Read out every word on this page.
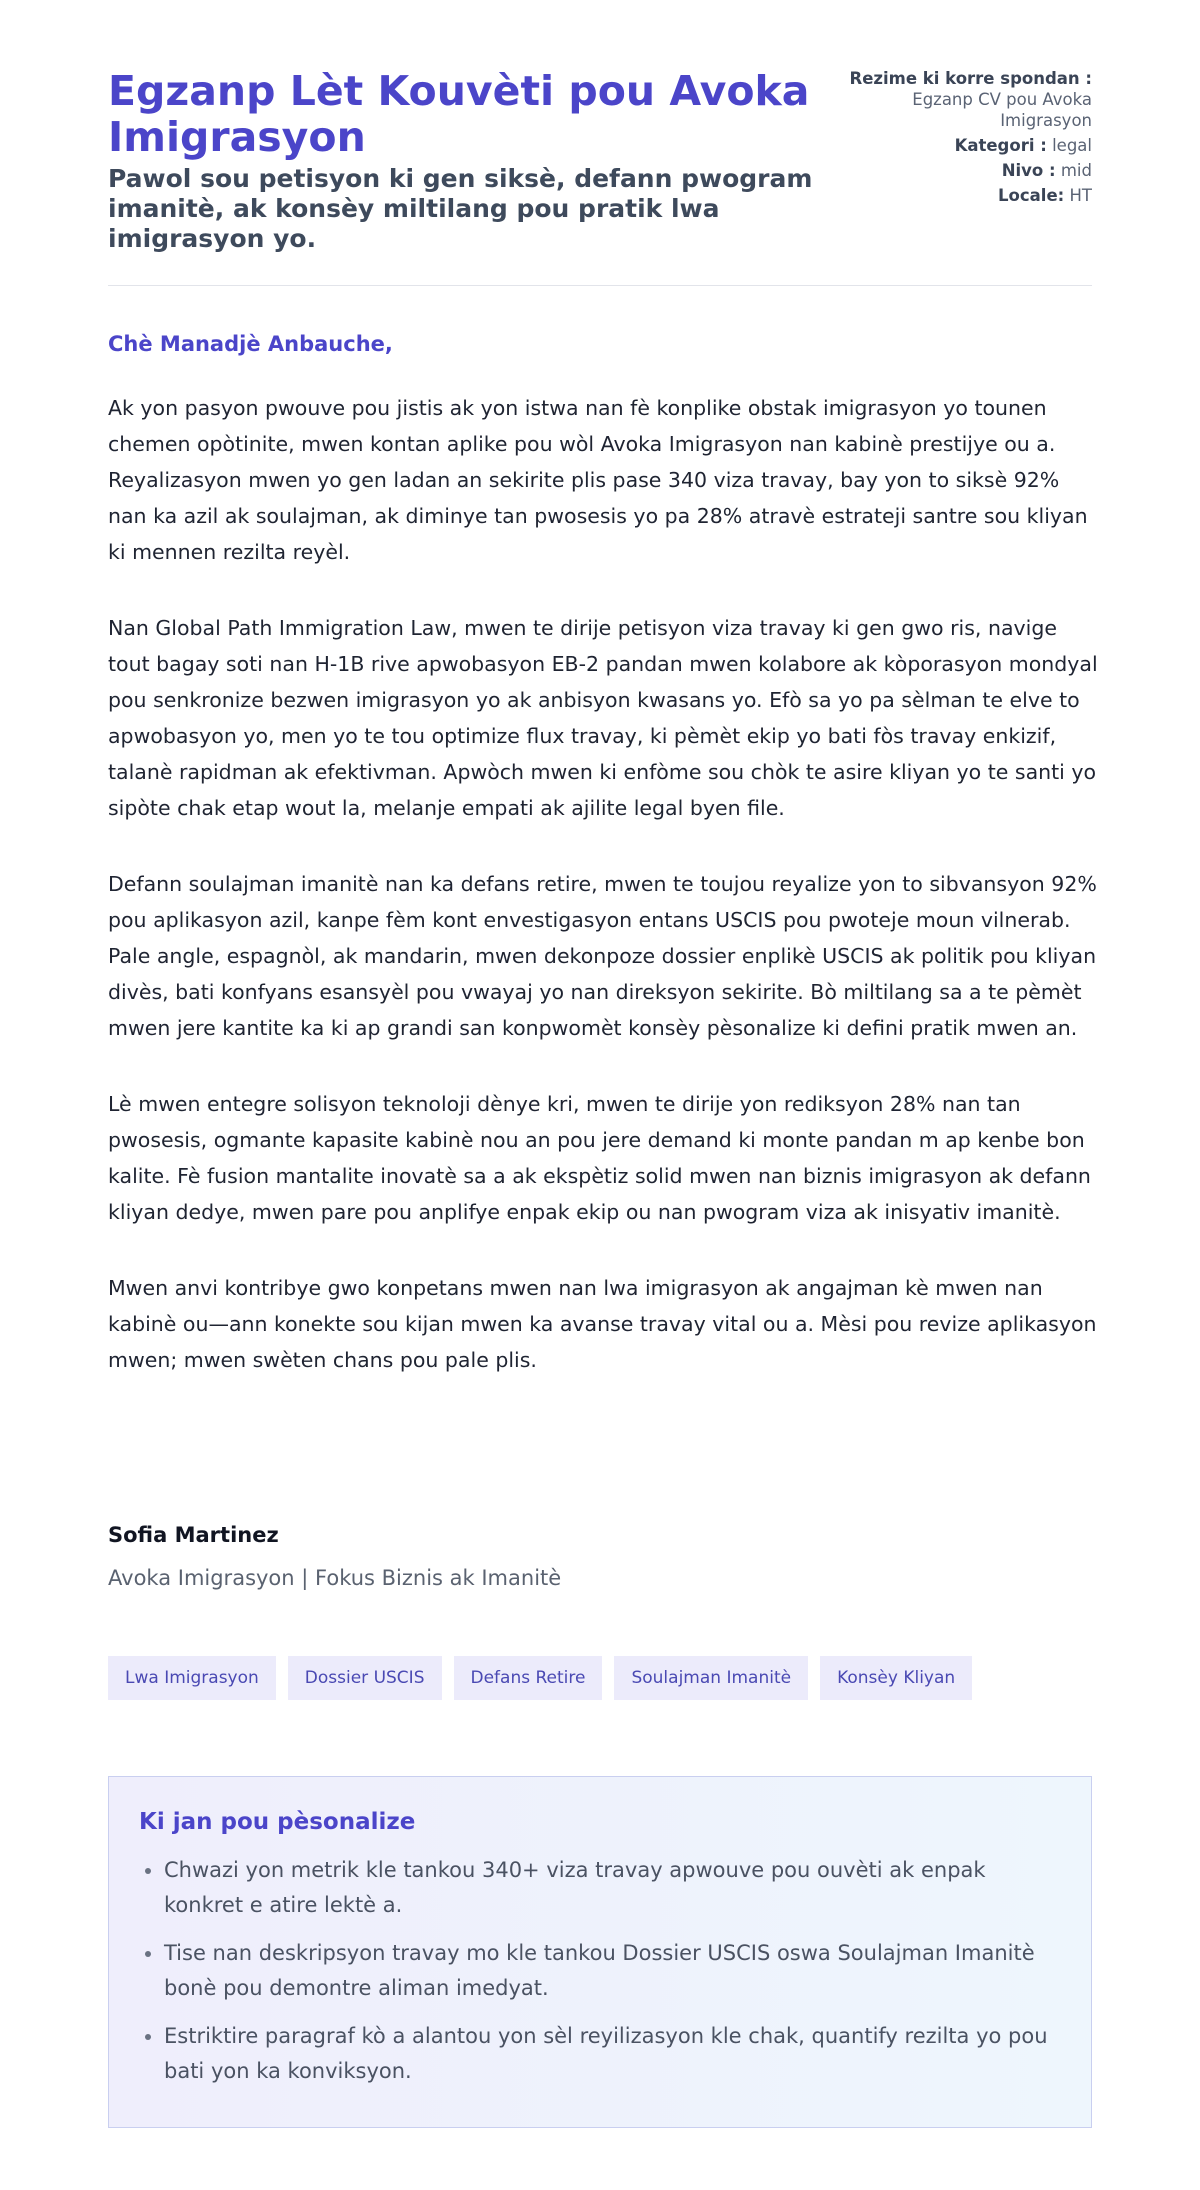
Egzanp Lèt Kouvèti pou Avoka Imigrasyon
Pawol sou petisyon ki gen siksè, defann pwogram imanitè, ak konsèy miltilang pou pratik lwa imigrasyon yo.
Rezime ki korre spondan : Egzanp CV pou Avoka Imigrasyon
Kategori : legal
Nivo : mid
Locale: HT
Chè Manadjè Anbauche,

Ak yon pasyon pwouve pou jistis ak yon istwa nan fè konplike obstak imigrasyon yo tounen chemen opòtinite, mwen kontan aplike pou wòl Avoka Imigrasyon nan kabinè prestijye ou a. Reyalizasyon mwen yo gen ladan an sekirite plis pase 340 viza travay, bay yon to siksè 92% nan ka azil ak soulajman, ak diminye tan pwosesis yo pa 28% atravè estrateji santre sou kliyan ki mennen rezilta reyèl.

Nan Global Path Immigration Law, mwen te dirije petisyon viza travay ki gen gwo ris, navige tout bagay soti nan H-1B rive apwobasyon EB-2 pandan mwen kolabore ak kòporasyon mondyal pou senkronize bezwen imigrasyon yo ak anbisyon kwasans yo. Efò sa yo pa sèlman te elve to apwobasyon yo, men yo te tou optimize flux travay, ki pèmèt ekip yo bati fòs travay enkizif, talanè rapidman ak efektivman. Apwòch mwen ki enfòme sou chòk te asire kliyan yo te santi yo sipòte chak etap wout la, melanje empati ak ajilite legal byen file.

Defann soulajman imanitè nan ka defans retire, mwen te toujou reyalize yon to sibvansyon 92% pou aplikasyon azil, kanpe fèm kont envestigasyon entans USCIS pou pwoteje moun vilnerab. Pale angle, espagnòl, ak mandarin, mwen dekonpoze dossier enplikè USCIS ak politik pou kliyan divès, bati konfyans esansyèl pou vwayaj yo nan direksyon sekirite. Bò miltilang sa a te pèmèt mwen jere kantite ka ki ap grandi san konpwomèt konsèy pèsonalize ki defini pratik mwen an.

Lè mwen entegre solisyon teknoloji dènye kri, mwen te dirije yon rediksyon 28% nan tan pwosesis, ogmante kapasite kabinè nou an pou jere demand ki monte pandan m ap kenbe bon kalite. Fè fusion mantalite inovatè sa a ak ekspètiz solid mwen nan biznis imigrasyon ak defann kliyan dedye, mwen pare pou anplifye enpak ekip ou nan pwogram viza ak inisyativ imanitè.

Mwen anvi kontribye gwo konpetans mwen nan lwa imigrasyon ak angajman kè mwen nan kabinè ou—ann konekte sou kijan mwen ka avanse travay vital ou a. Mèsi pou revize aplikasyon mwen; mwen swèten chans pou pale plis.

Sofia Martinez
Avoka Imigrasyon | Fokus Biznis ak Imanitè
Lwa Imigrasyon	Dossier USCIS	Defans Retire	Soulajman Imanitè	Konsèy Kliyan
Ki jan pou pèsonalize
• Chwazi yon metrik kle tankou 340+ viza travay apwouve pou ouvèti ak enpak konkret e atire lektè a.
• Tise nan deskripsyon travay mo kle tankou Dossier USCIS oswa Soulajman Imanitè bonè pou demontre aliman imedyat.
• Estriktire paragraf kò a alantou yon sèl reyilizasyon kle chak, quantify rezilta yo pou bati yon ka konviksyon.
